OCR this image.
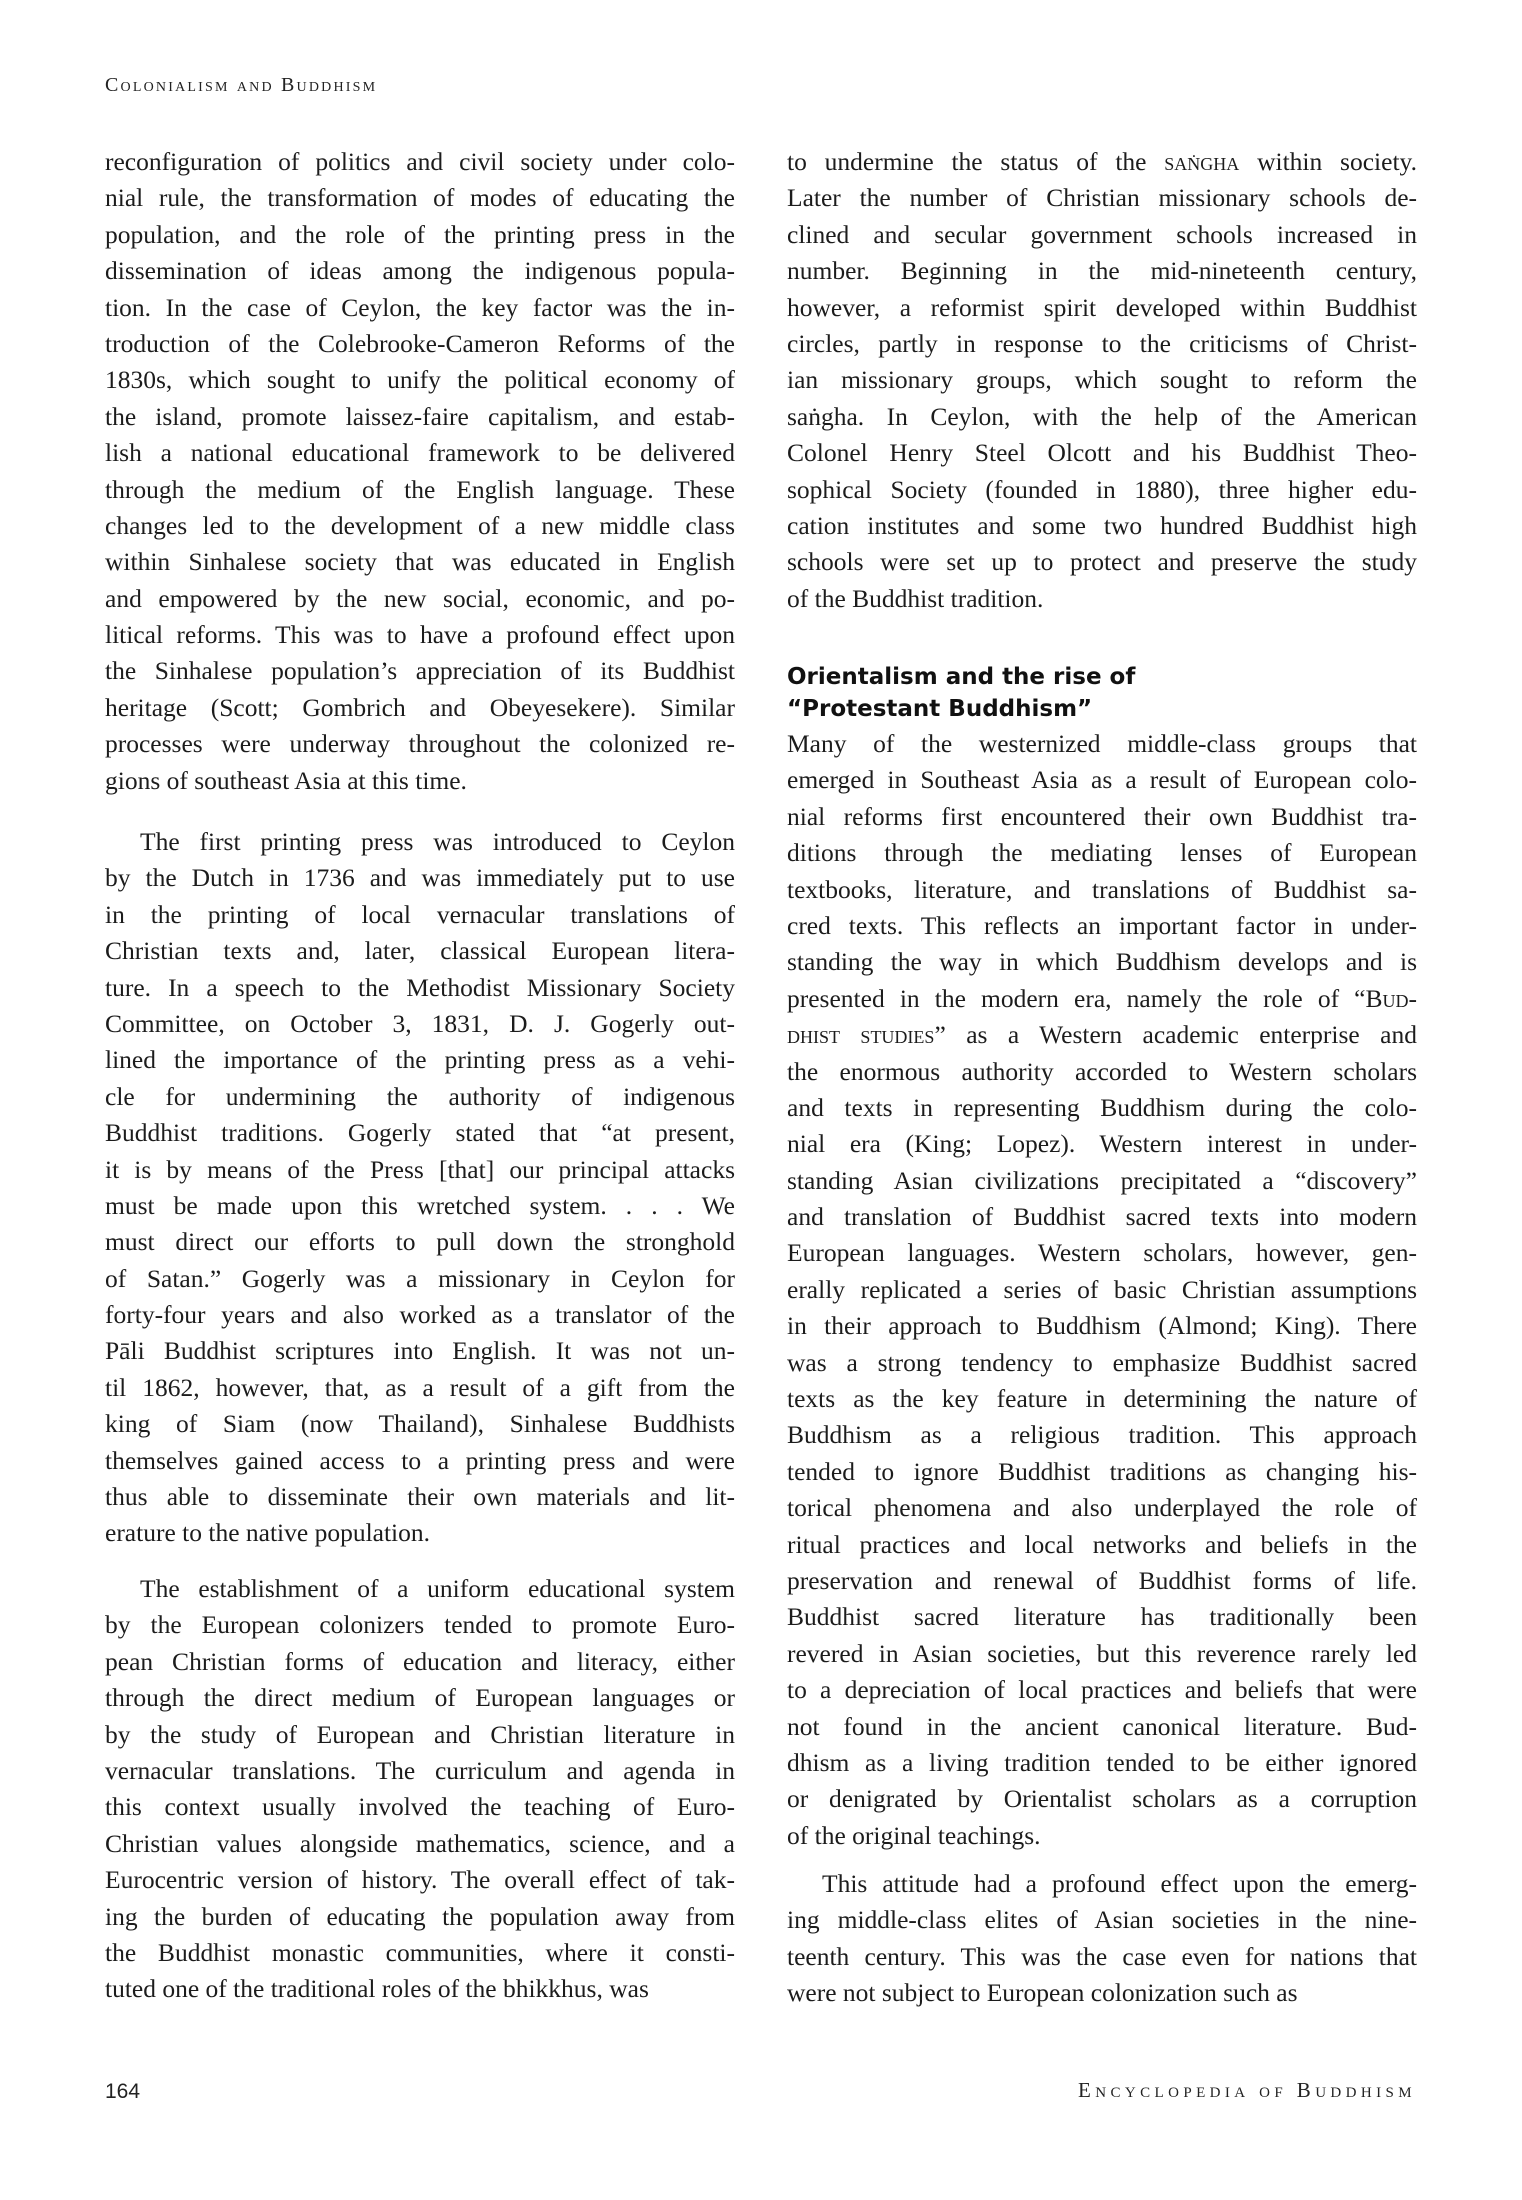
Colonialism and Buddhism
reconfiguration of politics and civil society under colo-
nial rule, the transformation of modes of educating the
population, and the role of the printing press in the
dissemination of ideas among the indigenous popula-
tion. In the case of Ceylon, the key factor was the in-
troduction of the Colebrooke-Cameron Reforms of the
1830s, which sought to unify the political economy of
the island, promote laissez-faire capitalism, and estab-
lish a national educational framework to be delivered
through the medium of the English language. These
changes led to the development of a new middle class
within Sinhalese society that was educated in English
and empowered by the new social, economic, and po-
litical reforms. This was to have a profound effect upon
the Sinhalese population’s appreciation of its Buddhist
heritage (Scott; Gombrich and Obeyesekere). Similar
processes were underway throughout the colonized re-
gions of southeast Asia at this time.
The first printing press was introduced to Ceylon
by the Dutch in 1736 and was immediately put to use
in the printing of local vernacular translations of
Christian texts and, later, classical European litera-
ture. In a speech to the Methodist Missionary Society
Committee, on October 3, 1831, D. J. Gogerly out-
lined the importance of the printing press as a vehi-
cle for undermining the authority of indigenous
Buddhist traditions. Gogerly stated that “at present,
it is by means of the Press [that] our principal attacks
must be made upon this wretched system. . . . We
must direct our efforts to pull down the stronghold
of Satan.” Gogerly was a missionary in Ceylon for
forty-four years and also worked as a translator of the
Pāli Buddhist scriptures into English. It was not un-
til 1862, however, that, as a result of a gift from the
king of Siam (now Thailand), Sinhalese Buddhists
themselves gained access to a printing press and were
thus able to disseminate their own materials and lit-
erature to the native population.
The establishment of a uniform educational system
by the European colonizers tended to promote Euro-
pean Christian forms of education and literacy, either
through the direct medium of European languages or
by the study of European and Christian literature in
vernacular translations. The curriculum and agenda in
this context usually involved the teaching of Euro-
Christian values alongside mathematics, science, and a
Eurocentric version of history. The overall effect of tak-
ing the burden of educating the population away from
the Buddhist monastic communities, where it consti-
tuted one of the traditional roles of the bhikkhus, was
to undermine the status of the saṅgha within society.
Later the number of Christian missionary schools de-
clined and secular government schools increased in
number. Beginning in the mid-nineteenth century,
however, a reformist spirit developed within Buddhist
circles, partly in response to the criticisms of Christ-
ian missionary groups, which sought to reform the
saṅgha. In Ceylon, with the help of the American
Colonel Henry Steel Olcott and his Buddhist Theo-
sophical Society (founded in 1880), three higher edu-
cation institutes and some two hundred Buddhist high
schools were set up to protect and preserve the study
of the Buddhist tradition.
Orientalism and the rise of
“Protestant Buddhism”
Many of the westernized middle-class groups that
emerged in Southeast Asia as a result of European colo-
nial reforms first encountered their own Buddhist tra-
ditions through the mediating lenses of European
textbooks, literature, and translations of Buddhist sa-
cred texts. This reflects an important factor in under-
standing the way in which Buddhism develops and is
presented in the modern era, namely the role of “Bud-
dhist studies” as a Western academic enterprise and
the enormous authority accorded to Western scholars
and texts in representing Buddhism during the colo-
nial era (King; Lopez). Western interest in under-
standing Asian civilizations precipitated a “discovery”
and translation of Buddhist sacred texts into modern
European languages. Western scholars, however, gen-
erally replicated a series of basic Christian assumptions
in their approach to Buddhism (Almond; King). There
was a strong tendency to emphasize Buddhist sacred
texts as the key feature in determining the nature of
Buddhism as a religious tradition. This approach
tended to ignore Buddhist traditions as changing his-
torical phenomena and also underplayed the role of
ritual practices and local networks and beliefs in the
preservation and renewal of Buddhist forms of life.
Buddhist sacred literature has traditionally been
revered in Asian societies, but this reverence rarely led
to a depreciation of local practices and beliefs that were
not found in the ancient canonical literature. Bud-
dhism as a living tradition tended to be either ignored
or denigrated by Orientalist scholars as a corruption
of the original teachings.
This attitude had a profound effect upon the emerg-
ing middle-class elites of Asian societies in the nine-
teenth century. This was the case even for nations that
were not subject to European colonization such as
164	Encyclopedia of Buddhism
